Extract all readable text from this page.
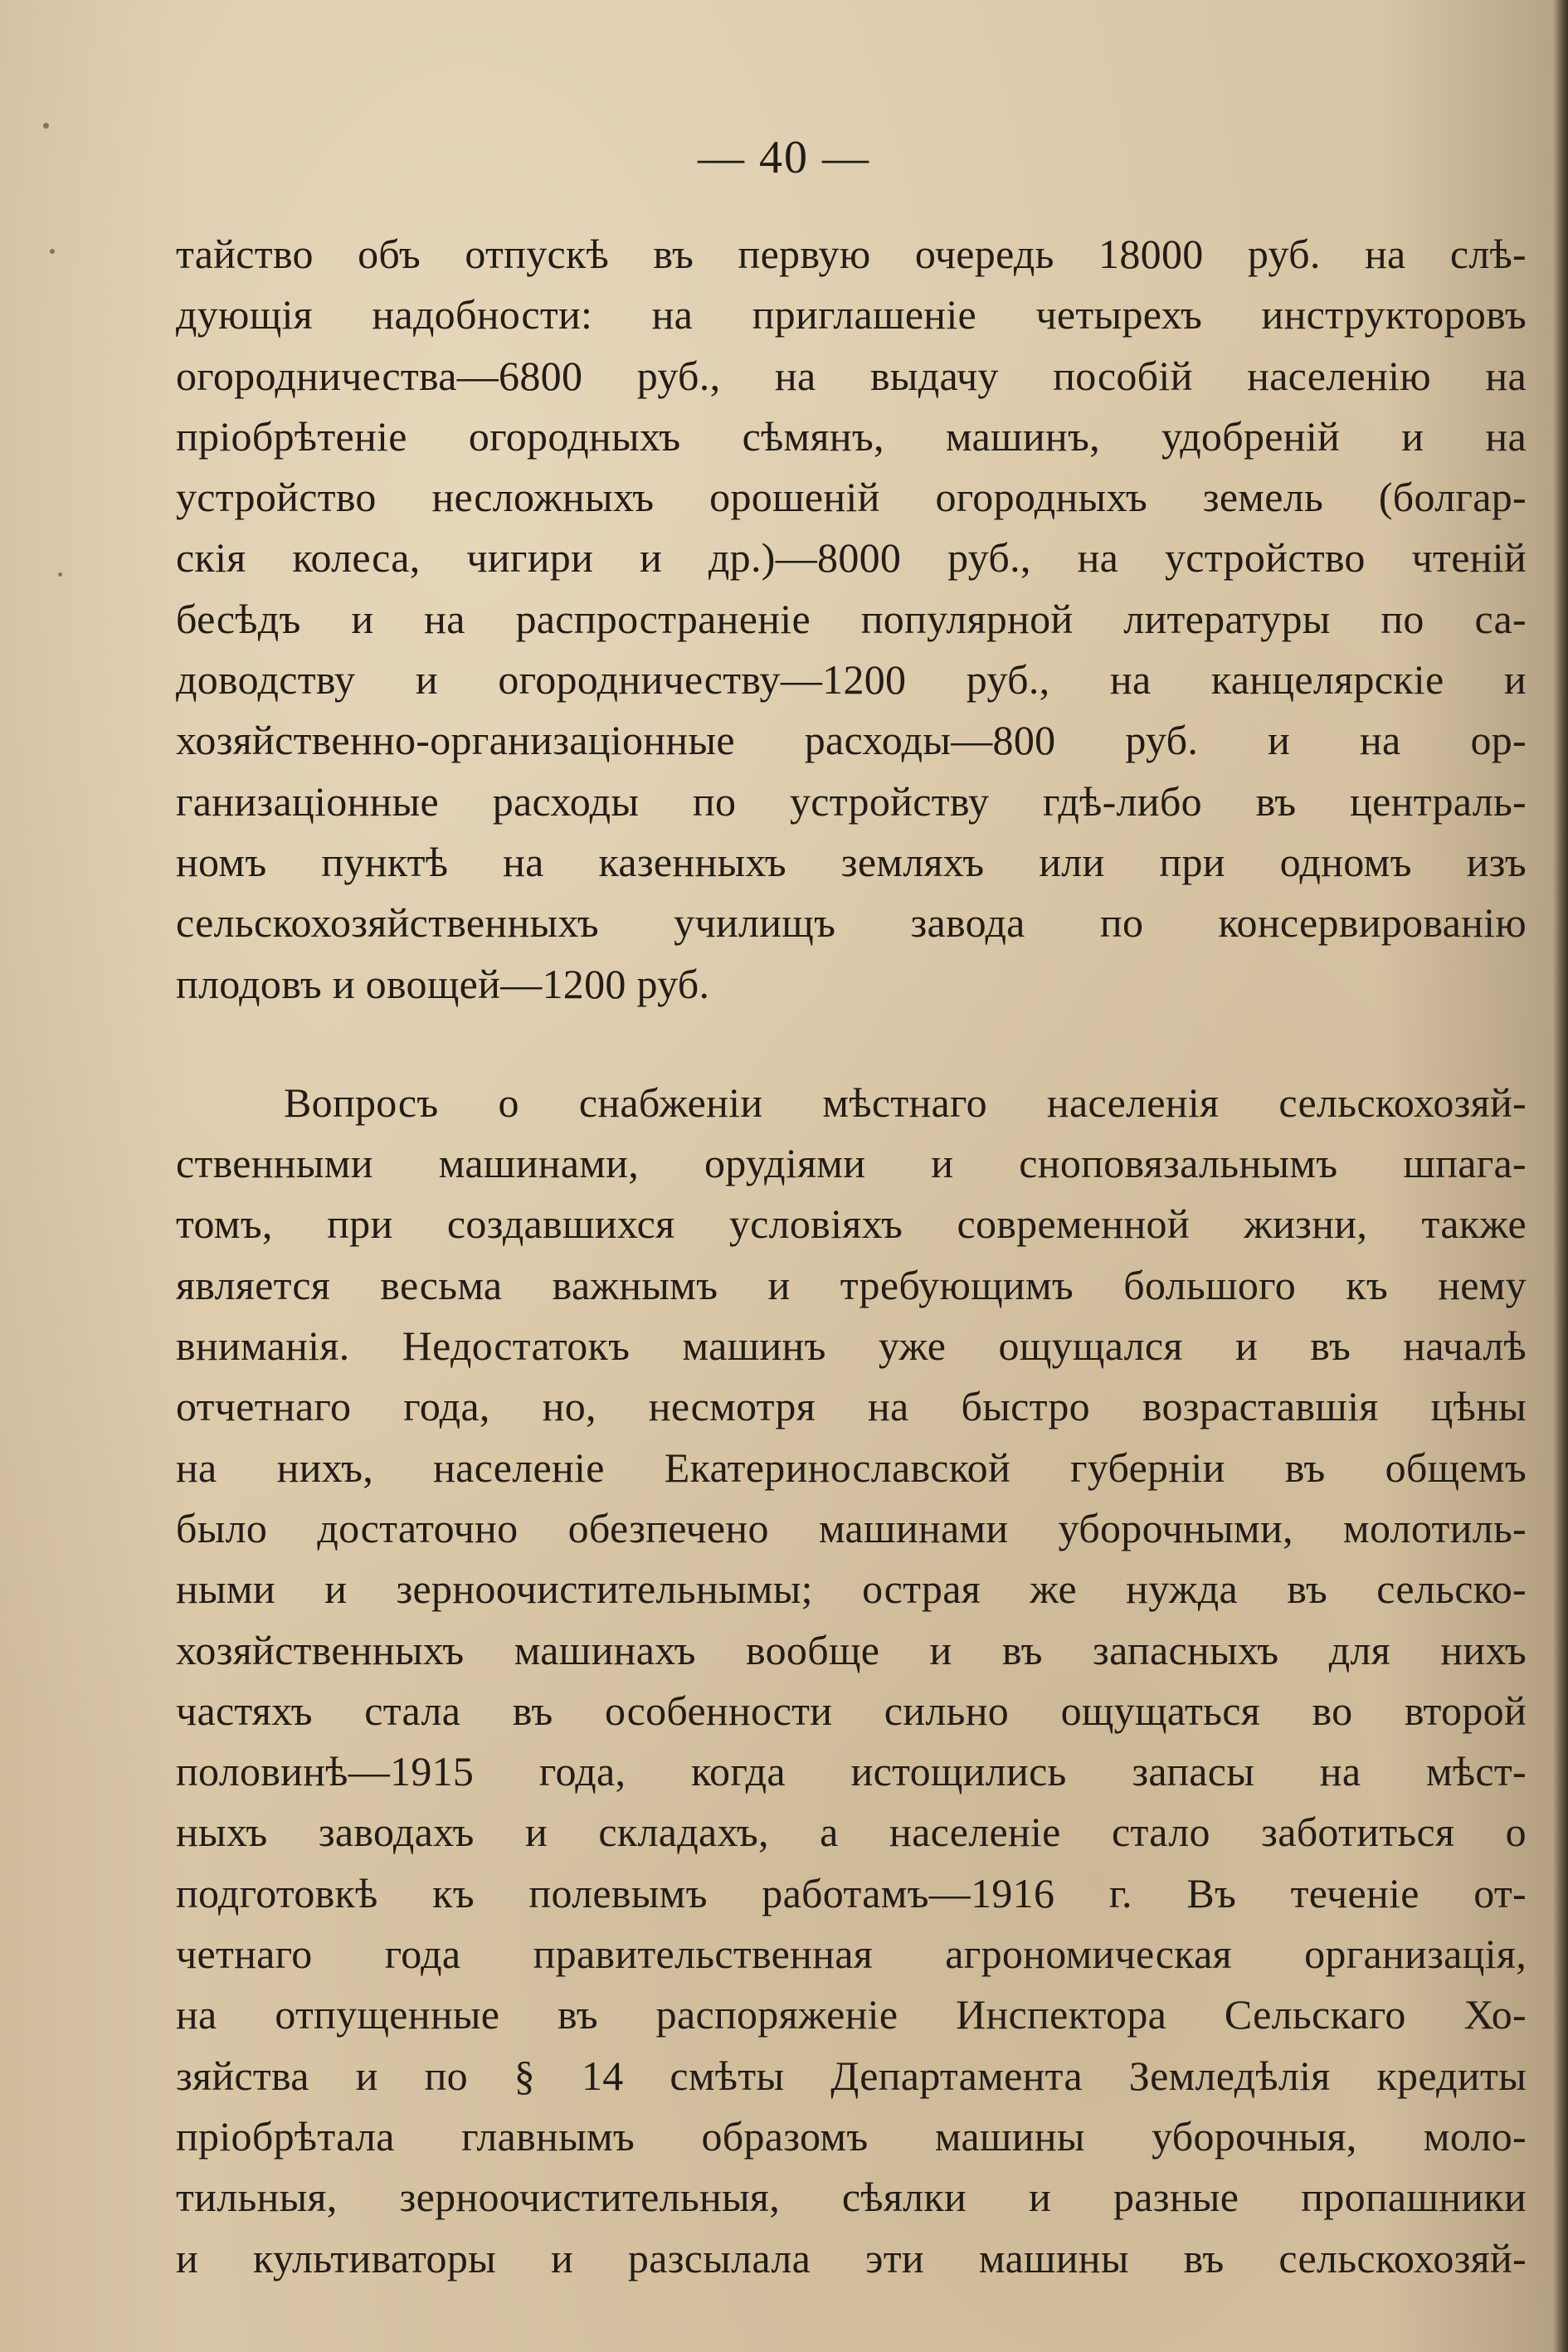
— 40 —
тайство объ отпускѣ въ первую очередь 18000 руб. на слѣ-
дующія надобности: на приглашеніе четырехъ инструкторовъ
огородничества—6800 руб., на выдачу пособій населенію на
пріобрѣтеніе огородныхъ сѣмянъ, машинъ, удобреній и на
устройство несложныхъ орошеній огородныхъ земель (болгар-
скія колеса, чигири и др.)—8000 руб., на устройство чтеній
бесѣдъ и на распространеніе популярной литературы по са-
доводству и огородничеству—1200 руб., на канцелярскіе и
хозяйственно-организаціонные расходы—800 руб. и на ор-
ганизаціонные расходы по устройству гдѣ-либо въ централь-
номъ пунктѣ на казенныхъ земляхъ или при одномъ изъ
сельскохозяйственныхъ училищъ завода по консервированію
плодовъ и овощей—1200 руб.
Вопросъ о снабженіи мѣстнаго населенія сельскохозяй-
ственными машинами, орудіями и сноповязальнымъ шпага-
томъ, при создавшихся условіяхъ современной жизни, также
является весьма важнымъ и требующимъ большого къ нему
вниманія. Недостатокъ машинъ уже ощущался и въ началѣ
отчетнаго года, но, несмотря на быстро возраставшія цѣны
на нихъ, населеніе Екатеринославской губерніи въ общемъ
было достаточно обезпечено машинами уборочными, молотиль-
ными и зерноочистительнымы; острая же нужда въ сельско-
хозяйственныхъ машинахъ вообще и въ запасныхъ для нихъ
частяхъ стала въ особенности сильно ощущаться во второй
половинѣ—1915 года, когда истощились запасы на мѣст-
ныхъ заводахъ и складахъ, а населеніе стало заботиться о
подготовкѣ къ полевымъ работамъ—1916 г. Въ теченіе от-
четнаго года правительственная агрономическая организація,
на отпущенные въ распоряженіе Инспектора Сельскаго Хо-
зяйства и по § 14 смѣты Департамента Земледѣлія кредиты
пріобрѣтала главнымъ образомъ машины уборочныя, моло-
тильныя, зерноочистительныя, сѣялки и разные пропашники
и культиваторы и разсылала эти машины въ сельскохозяй-
